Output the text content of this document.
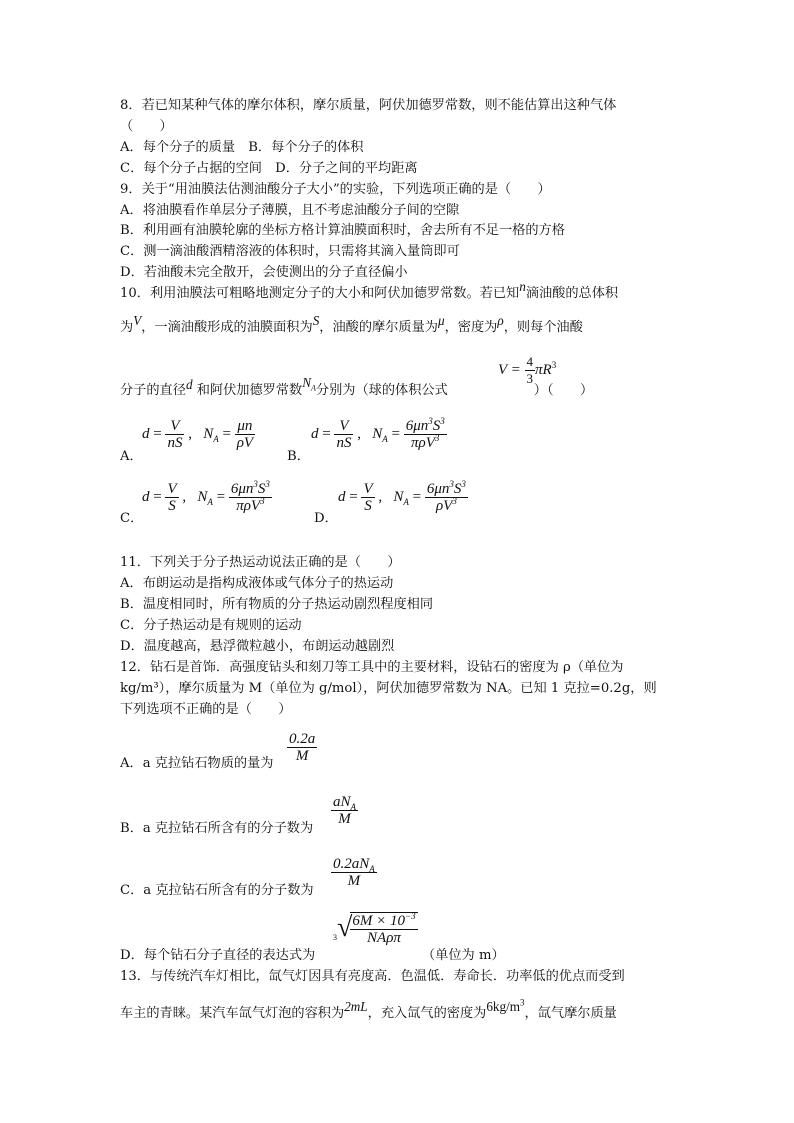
8．若已知某种气体的摩尔体积，摩尔质量，阿伏加德罗常数，则不能估算出这种气体
（　　）
A．每个分子的质量　B．每个分子的体积
C．每个分子占据的空间　D．分子之间的平均距离
9．关于“用油膜法估测油酸分子大小”的实验，下列选项正确的是（　　）
A．将油膜看作单层分子薄膜，且不考虑油酸分子间的空隙
B．利用画有油膜轮廓的坐标方格计算油膜面积时，舍去所有不足一格的方格
C．测一滴油酸酒精溶液的体积时，只需将其滴入量筒即可
D．若油酸未完全散开，会使测出的分子直径偏小
10．利用油膜法可粗略地测定分子的大小和阿伏加德罗常数。若已知n滴油酸的总体积
为V，一滴油酸形成的油膜面积为S，油酸的摩尔质量为μ，密度为ρ，则每个油酸
分子的直径d 和阿伏加德罗常数$N_A$分别为（球的体积公式	）（　　）
$V = \frac{4}{3} \pi R^3$
A．
$d = \frac{V}{nS}$ ,   $N_A = \frac{\mu n}{\rho V}$
B．
$d = \frac{V}{nS}$ ,   $N_A = \frac{6\mu n^3S^3}{\pi\rho V^3}$
C．
$d = \frac{V}{S}$ ,   $N_A = \frac{6\mu n^3S^3}{\pi\rho V^3}$
D．
$d = \frac{V}{S}$ ,   $N_A = \frac{6\mu n^3S^3}{\rho V^3}$
11．下列关于分子热运动说法正确的是（　　）
A．布朗运动是指构成液体或气体分子的热运动
B．温度相同时，所有物质的分子热运动剧烈程度相同
C．分子热运动是有规则的运动
D．温度越高，悬浮微粒越小，布朗运动越剧烈
12．钻石是首饰．高强度钻头和刻刀等工具中的主要材料，设钻石的密度为 ρ（单位为
kg/m³），摩尔质量为 M（单位为 g/mol），阿伏加德罗常数为 NA。已知 1 克拉=0.2g，则
下列选项不正确的是（　　）
A．a 克拉钻石物质的量为 $\frac{0.2a}{M}$
B．a 克拉钻石所含有的分子数为
$\frac{aN_A}{M}$
C．a 克拉钻石所含有的分子数为
$\frac{0.2aN_A}{M}$
D．每个钻石分子直径的表达式为
$^3$√
$\frac{6M \times 10^{-3}}{\text{NAρπ}}$
（单位为 m）
13．与传统汽车灯相比，氙气灯因具有亮度高．色温低．寿命长．功率低的优点而受到
车主的青睐。某汽车氙气灯泡的容积为2mL，充入氙气的密度为$6kg/m^3$，氙气摩尔质量
